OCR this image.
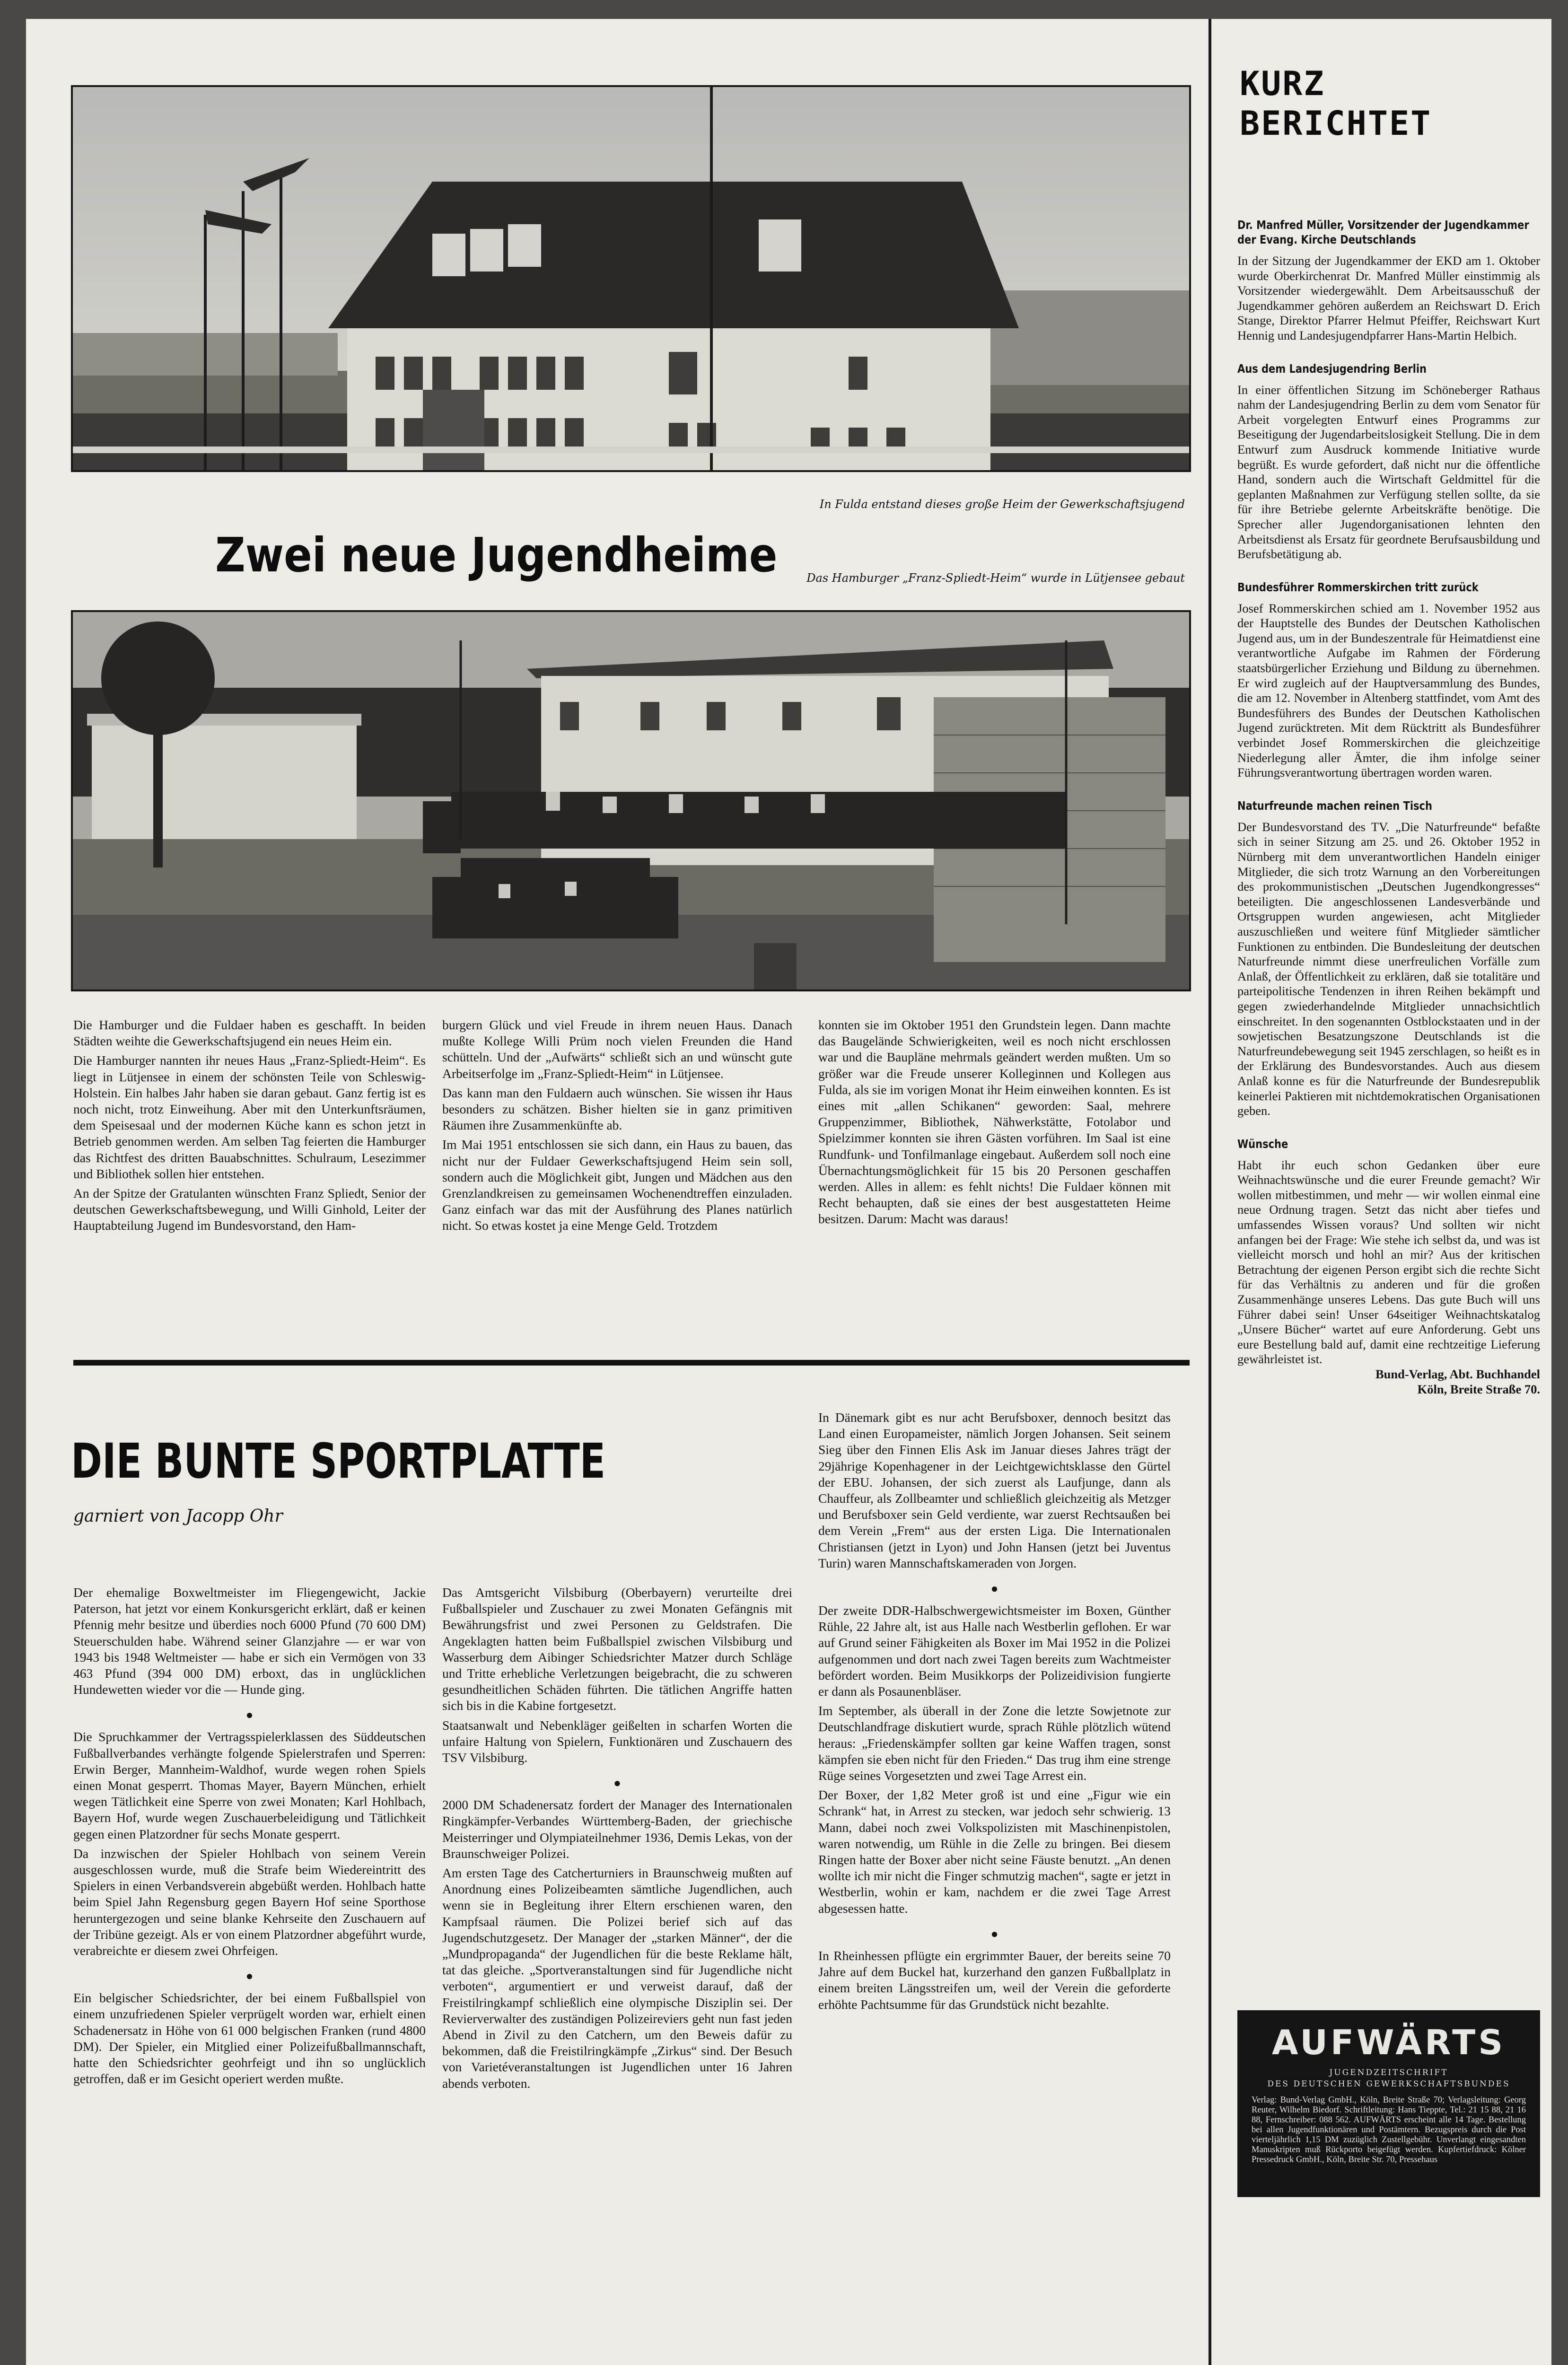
In Fulda entstand dieses große Heim der Gewerkschaftsjugend
Zwei neue Jugendheime	Das Hamburger „Franz-Spliedt-Heim“ wurde in Lütjensee gebaut

Die Hamburger und die Fuldaer haben es geschafft. In beiden Städten weihte die Gewerkschaftsjugend ein neues Heim ein.

Die Hamburger nannten ihr neues Haus „Franz-Spliedt-Heim“. Es liegt in Lütjensee in einem der schönsten Teile von Schleswig-Holstein. Ein halbes Jahr haben sie daran gebaut. Ganz fertig ist es noch nicht, trotz Einweihung. Aber mit den Unterkunftsräumen, dem Speisesaal und der modernen Küche kann es schon jetzt in Betrieb genommen werden. Am selben Tag feierten die Hamburger das Richtfest des dritten Bauabschnittes. Schulraum, Lesezimmer und Bibliothek sollen hier entstehen.

An der Spitze der Gratulanten wünschten Franz Spliedt, Senior der deutschen Gewerkschaftsbewegung, und Willi Ginhold, Leiter der Hauptabteilung Jugend im Bundesvorstand, den Ham-

burgern Glück und viel Freude in ihrem neuen Haus. Danach mußte Kollege Willi Prüm noch vielen Freunden die Hand schütteln. Und der „Aufwärts“ schließt sich an und wünscht gute Arbeitserfolge im „Franz-Spliedt-Heim“ in Lütjensee.

Das kann man den Fuldaern auch wünschen. Sie wissen ihr Haus besonders zu schätzen. Bisher hielten sie in ganz primitiven Räumen ihre Zusammenkünfte ab.

Im Mai 1951 entschlossen sie sich dann, ein Haus zu bauen, das nicht nur der Fuldaer Gewerkschaftsjugend Heim sein soll, sondern auch die Möglichkeit gibt, Jungen und Mädchen aus den Grenzlandkreisen zu gemeinsamen Wochenendtreffen einzuladen. Ganz einfach war das mit der Ausführung des Planes natürlich nicht. So etwas kostet ja eine Menge Geld. Trotzdem

konnten sie im Oktober 1951 den Grundstein legen. Dann machte das Baugelände Schwierigkeiten, weil es noch nicht erschlossen war und die Baupläne mehrmals geändert werden mußten. Um so größer war die Freude unserer Kolleginnen und Kollegen aus Fulda, als sie im vorigen Monat ihr Heim einweihen konnten. Es ist eines mit „allen Schikanen“ geworden: Saal, mehrere Gruppenzimmer, Bibliothek, Nähwerkstätte, Fotolabor und Spielzimmer konnten sie ihren Gästen vorführen. Im Saal ist eine Rundfunk- und Tonfilmanlage eingebaut. Außerdem soll noch eine Übernachtungsmöglichkeit für 15 bis 20 Personen geschaffen werden. Alles in allem: es fehlt nichts! Die Fuldaer können mit Recht behaupten, daß sie eines der best ausgestatteten Heime besitzen. Darum: Macht was daraus!

DIE BUNTE SPORTPLATTE
garniert von Jacopp Ohr

Der ehemalige Boxweltmeister im Fliegengewicht, Jackie Paterson, hat jetzt vor einem Konkursgericht erklärt, daß er keinen Pfennig mehr besitze und überdies noch 6000 Pfund (70 600 DM) Steuerschulden habe. Während seiner Glanzjahre — er war von 1943 bis 1948 Weltmeister — habe er sich ein Vermögen von 33 463 Pfund (394 000 DM) erboxt, das in unglücklichen Hundewetten wieder vor die — Hunde ging.

●

Die Spruchkammer der Vertragsspielerklassen des Süddeutschen Fußballverbandes verhängte folgende Spielerstrafen und Sperren: Erwin Berger, Mannheim-Waldhof, wurde wegen rohen Spiels einen Monat gesperrt. Thomas Mayer, Bayern München, erhielt wegen Tätlichkeit eine Sperre von zwei Monaten; Karl Hohlbach, Bayern Hof, wurde wegen Zuschauerbeleidigung und Tätlichkeit gegen einen Platzordner für sechs Monate gesperrt.

Da inzwischen der Spieler Hohlbach von seinem Verein ausgeschlossen wurde, muß die Strafe beim Wiedereintritt des Spielers in einen Verbandsverein abgebüßt werden. Hohlbach hatte beim Spiel Jahn Regensburg gegen Bayern Hof seine Sporthose heruntergezogen und seine blanke Kehrseite den Zuschauern auf der Tribüne gezeigt. Als er von einem Platzordner abgeführt wurde, verabreichte er diesem zwei Ohrfeigen.

●

Ein belgischer Schiedsrichter, der bei einem Fußballspiel von einem unzufriedenen Spieler verprügelt worden war, erhielt einen Schadenersatz in Höhe von 61 000 belgischen Franken (rund 4800 DM). Der Spieler, ein Mitglied einer Polizeifußballmannschaft, hatte den Schiedsrichter geohrfeigt und ihn so unglücklich getroffen, daß er im Gesicht operiert werden mußte.

Das Amtsgericht Vilsbiburg (Oberbayern) verurteilte drei Fußballspieler und Zuschauer zu zwei Monaten Gefängnis mit Bewährungsfrist und zwei Personen zu Geldstrafen. Die Angeklagten hatten beim Fußballspiel zwischen Vilsbiburg und Wasserburg dem Aibinger Schiedsrichter Matzer durch Schläge und Tritte erhebliche Verletzungen beigebracht, die zu schweren gesundheitlichen Schäden führten. Die tätlichen Angriffe hatten sich bis in die Kabine fortgesetzt.

Staatsanwalt und Nebenkläger geißelten in scharfen Worten die unfaire Haltung von Spielern, Funktionären und Zuschauern des TSV Vilsbiburg.

●

2000 DM Schadenersatz fordert der Manager des Internationalen Ringkämpfer-Verbandes Württemberg-Baden, der griechische Meisterringer und Olympiateilnehmer 1936, Demis Lekas, von der Braunschweiger Polizei.

Am ersten Tage des Catcherturniers in Braunschweig mußten auf Anordnung eines Polizeibeamten sämtliche Jugendlichen, auch wenn sie in Begleitung ihrer Eltern erschienen waren, den Kampfsaal räumen. Die Polizei berief sich auf das Jugendschutzgesetz. Der Manager der „starken Männer“, der die „Mundpropaganda“ der Jugendlichen für die beste Reklame hält, tat das gleiche. „Sportveranstaltungen sind für Jugendliche nicht verboten“, argumentiert er und verweist darauf, daß der Freistilringkampf schließlich eine olympische Disziplin sei. Der Revierverwalter des zuständigen Polizeireviers geht nun fast jeden Abend in Zivil zu den Catchern, um den Beweis dafür zu bekommen, daß die Freistilringkämpfe „Zirkus“ sind. Der Besuch von Varietéveranstaltungen ist Jugendlichen unter 16 Jahren abends verboten.

In Dänemark gibt es nur acht Berufsboxer, dennoch besitzt das Land einen Europameister, nämlich Jorgen Johansen. Seit seinem Sieg über den Finnen Elis Ask im Januar dieses Jahres trägt der 29jährige Kopenhagener in der Leichtgewichtsklasse den Gürtel der EBU. Johansen, der sich zuerst als Laufjunge, dann als Chauffeur, als Zollbeamter und schließlich gleichzeitig als Metzger und Berufsboxer sein Geld verdiente, war zuerst Rechtsaußen bei dem Verein „Frem“ aus der ersten Liga. Die Internationalen Christiansen (jetzt in Lyon) und John Hansen (jetzt bei Juventus Turin) waren Mannschaftskameraden von Jorgen.

●

Der zweite DDR-Halbschwergewichtsmeister im Boxen, Günther Rühle, 22 Jahre alt, ist aus Halle nach Westberlin geflohen. Er war auf Grund seiner Fähigkeiten als Boxer im Mai 1952 in die Polizei aufgenommen und dort nach zwei Tagen bereits zum Wachtmeister befördert worden. Beim Musikkorps der Polizeidivision fungierte er dann als Posaunenbläser.

Im September, als überall in der Zone die letzte Sowjetnote zur Deutschlandfrage diskutiert wurde, sprach Rühle plötzlich wütend heraus: „Friedenskämpfer sollten gar keine Waffen tragen, sonst kämpfen sie eben nicht für den Frieden.“ Das trug ihm eine strenge Rüge seines Vorgesetzten und zwei Tage Arrest ein.

Der Boxer, der 1,82 Meter groß ist und eine „Figur wie ein Schrank“ hat, in Arrest zu stecken, war jedoch sehr schwierig. 13 Mann, dabei noch zwei Volkspolizisten mit Maschinenpistolen, waren notwendig, um Rühle in die Zelle zu bringen. Bei diesem Ringen hatte der Boxer aber nicht seine Fäuste benutzt. „An denen wollte ich mir nicht die Finger schmutzig machen“, sagte er jetzt in Westberlin, wohin er kam, nachdem er die zwei Tage Arrest abgesessen hatte.

●

In Rheinhessen pflügte ein ergrimmter Bauer, der bereits seine 70 Jahre auf dem Buckel hat, kurzerhand den ganzen Fußballplatz in einem breiten Längsstreifen um, weil der Verein die geforderte erhöhte Pachtsumme für das Grundstück nicht bezahlte.

KURZ
BERICHTET
Dr. Manfred Müller, Vorsitzender der Jugendkammer der Evang. Kirche Deutschlands

In der Sitzung der Jugendkammer der EKD am 1. Oktober wurde Oberkirchenrat Dr. Manfred Müller einstimmig als Vorsitzender wiedergewählt. Dem Arbeitsausschuß der Jugendkammer gehören außerdem an Reichswart D. Erich Stange, Direktor Pfarrer Helmut Pfeiffer, Reichswart Kurt Hennig und Landesjugendpfarrer Hans-Martin Helbich.

Aus dem Landesjugendring Berlin

In einer öffentlichen Sitzung im Schöneberger Rathaus nahm der Landesjugendring Berlin zu dem vom Senator für Arbeit vorgelegten Entwurf eines Programms zur Beseitigung der Jugendarbeitslosigkeit Stellung. Die in dem Entwurf zum Ausdruck kommende Initiative wurde begrüßt. Es wurde gefordert, daß nicht nur die öffentliche Hand, sondern auch die Wirtschaft Geldmittel für die geplanten Maßnahmen zur Verfügung stellen sollte, da sie für ihre Betriebe gelernte Arbeitskräfte benötige. Die Sprecher aller Jugendorganisationen lehnten den Arbeitsdienst als Ersatz für geordnete Berufsausbildung und Berufsbetätigung ab.

Bundesführer Rommerskirchen tritt zurück

Josef Rommerskirchen schied am 1. November 1952 aus der Hauptstelle des Bundes der Deutschen Katholischen Jugend aus, um in der Bundeszentrale für Heimatdienst eine verantwortliche Aufgabe im Rahmen der Förderung staatsbürgerlicher Erziehung und Bildung zu übernehmen. Er wird zugleich auf der Hauptversammlung des Bundes, die am 12. November in Altenberg stattfindet, vom Amt des Bundesführers des Bundes der Deutschen Katholischen Jugend zurücktreten. Mit dem Rücktritt als Bundesführer verbindet Josef Rommerskirchen die gleichzeitige Niederlegung aller Ämter, die ihm infolge seiner Führungsverantwortung übertragen worden waren.

Naturfreunde machen reinen Tisch

Der Bundesvorstand des TV. „Die Naturfreunde“ befaßte sich in seiner Sitzung am 25. und 26. Oktober 1952 in Nürnberg mit dem unverantwortlichen Handeln einiger Mitglieder, die sich trotz Warnung an den Vorbereitungen des prokommunistischen „Deutschen Jugendkongresses“ beteiligten. Die angeschlossenen Landesverbände und Ortsgruppen wurden angewiesen, acht Mitglieder auszuschließen und weitere fünf Mitglieder sämtlicher Funktionen zu entbinden. Die Bundesleitung der deutschen Naturfreunde nimmt diese unerfreulichen Vorfälle zum Anlaß, der Öffentlichkeit zu erklären, daß sie totalitäre und parteipolitische Tendenzen in ihren Reihen bekämpft und gegen zwiederhandelnde Mitglieder unnachsichtlich einschreitet. In den sogenannten Ostblockstaaten und in der sowjetischen Besatzungszone Deutschlands ist die Naturfreundebewegung seit 1945 zerschlagen, so heißt es in der Erklärung des Bundesvorstandes. Auch aus diesem Anlaß konne es für die Naturfreunde der Bundesrepublik keinerlei Paktieren mit nichtdemokratischen Organisationen geben.

Wünsche

Habt ihr euch schon Gedanken über eure Weihnachtswünsche und die eurer Freunde gemacht? Wir wollen mitbestimmen, und mehr — wir wollen einmal eine neue Ordnung tragen. Setzt das nicht aber tiefes und umfassendes Wissen voraus? Und sollten wir nicht anfangen bei der Frage: Wie stehe ich selbst da, und was ist vielleicht morsch und hohl an mir? Aus der kritischen Betrachtung der eigenen Person ergibt sich die rechte Sicht für das Verhältnis zu anderen und für die großen Zusammenhänge unseres Lebens. Das gute Buch will uns Führer dabei sein! Unser 64seitiger Weihnachtskatalog „Unsere Bücher“ wartet auf eure Anforderung. Gebt uns eure Bestellung bald auf, damit eine rechtzeitige Lieferung gewährleistet ist.

Bund-Verlag, Abt. Buchhandel

Köln, Breite Straße 70.

AUFWÄRTS
JUGENDZEITSCHRIFT
DES DEUTSCHEN GEWERKSCHAFTSBUNDES
Verlag: Bund-Verlag GmbH., Köln, Breite Straße 70; Verlagsleitung: Georg Reuter, Wilhelm Biedorf. Schriftleitung: Hans Tieppte, Tel.: 21 15 88, 21 16 88, Fernschreiber: 088 562. AUFWÄRTS erscheint alle 14 Tage. Bestellung bei allen Jugendfunktionären und Postämtern. Bezugspreis durch die Post vierteljährlich 1,15 DM zuzüglich Zustellgebühr. Unverlangt eingesandten Manuskripten muß Rückporto beigefügt werden. Kupfertiefdruck: Kölner Pressedruck GmbH., Köln, Breite Str. 70, Pressehaus
